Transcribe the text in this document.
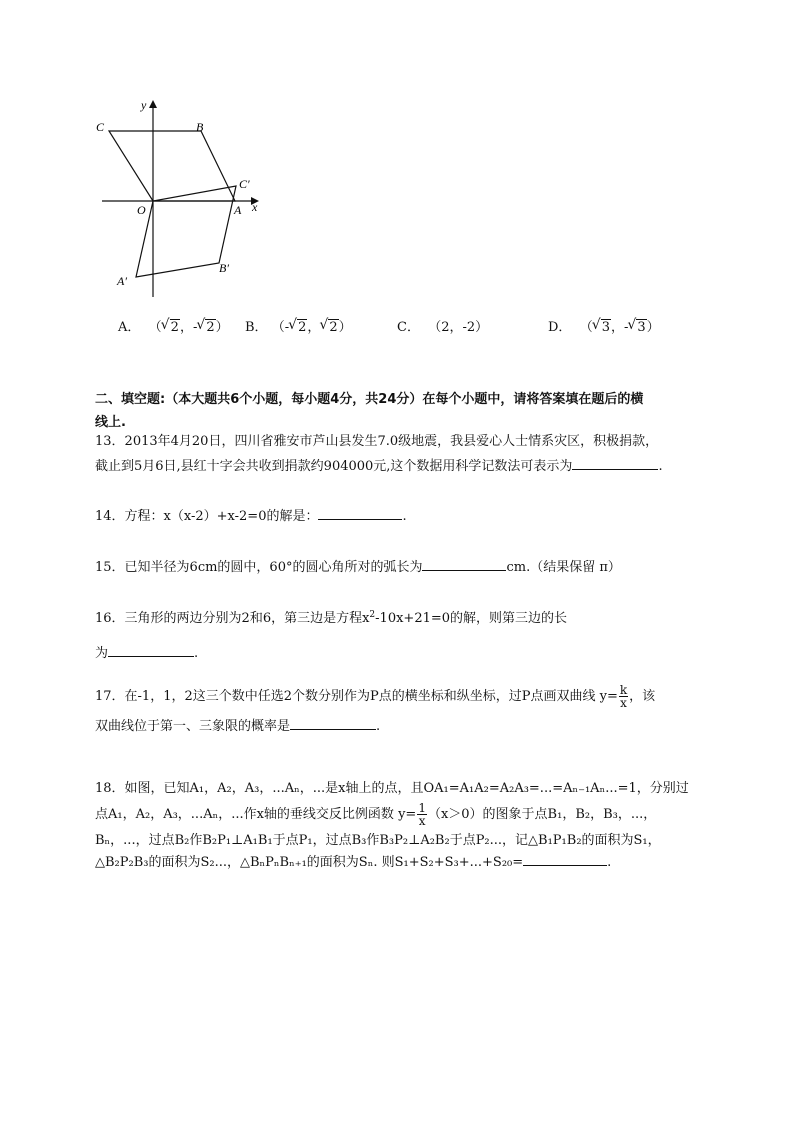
y
x
O
C	B
C′
A
A′
B′
A．  （ √ 2，- √ 2） B． （- √ 2， √ 2）	C． （2，-2）	D．  （ √ 3，- √ 3）
二、填空题:（本大题共6个小题，每小题4分，共24分）在每个小题中，请将答案填在题后的横
线上.
13．2013年4月20日，四川省雅安市芦山县发生7.0级地震，我县爱心人士情系灾区，积极捐款，
截止到5月6日,县红十字会共收到捐款约904000元,这个数据用科学记数法可表示为	.
14．方程：x（x-2）+x-2=0的解是：	.
15．已知半径为6cm的圆中，60°的圆心角所对的弧长为	cm.（结果保留 π）
16．三角形的两边分别为2和6，第三边是方程$x^2-10x+21=0$的解，则第三边的长
为	.
17．在-1，1，2这三个数中任选2个数分别作为P点的横坐标和纵坐标，过P点画双曲线 $y= \frac{k}{x}$ ，该
双曲线位于第一、三象限的概率是	.
18．如图，已知A₁，A₂，A₃，...Aₙ，...是x轴上的点，且OA₁=A₁A₂=A₂A₃=...=Aₙ₋₁Aₙ...=1，分别过
点A₁，A₂，A₃，...Aₙ，...作x轴的垂线交反比例函数 $y= \frac{1}{x} (x>0)$的图象于点B₁，B₂，B₃，...，
Bₙ，...，过点B₂作B₂P₁⊥A₁B₁于点P₁，过点B₃作B₃P₂⊥A₂B₂于点P₂...，记△B₁P₁B₂的面积为S₁，
△B₂P₂B₃的面积为S₂...，△BₙPₙBₙ₊₁的面积为Sₙ. 则S₁+S₂+S₃+...+S₂₀=	.
